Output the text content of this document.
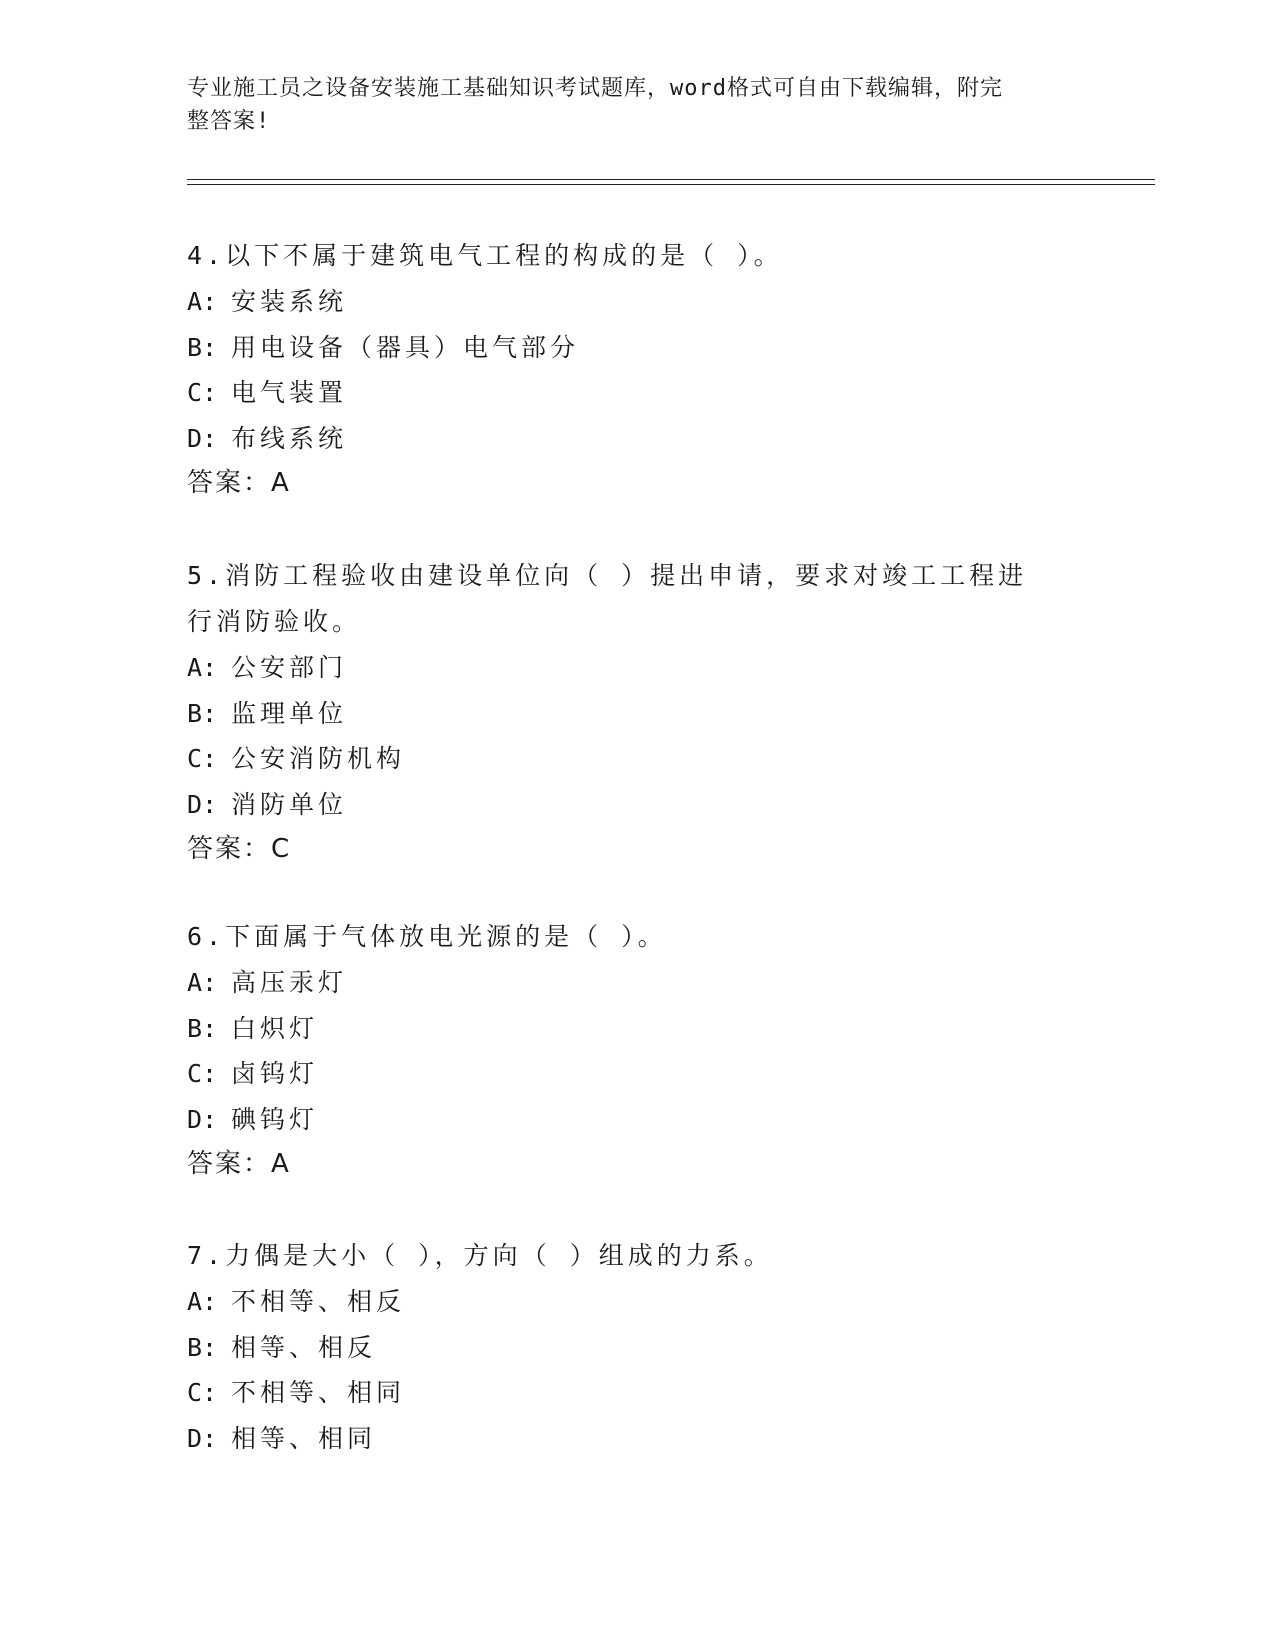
专业施工员之设备安装施工基础知识考试题库，word格式可自由下载编辑，附完
整答案!
4.以下不属于建筑电气工程的构成的是（ ）。
A: 安装系统
B: 用电设备（器具）电气部分
C: 电气装置
D: 布线系统
答案：A
5.消防工程验收由建设单位向（ ）提出申请，要求对竣工工程进行消防验收。
A: 公安部门
B: 监理单位
C: 公安消防机构
D: 消防单位
答案：C
6.下面属于气体放电光源的是（ ）。
A: 高压汞灯
B: 白炽灯
C: 卤钨灯
D: 碘钨灯
答案：A
7.力偶是大小（ ），方向（ ）组成的力系。
A: 不相等、相反
B: 相等、相反
C: 不相等、相同
D: 相等、相同
